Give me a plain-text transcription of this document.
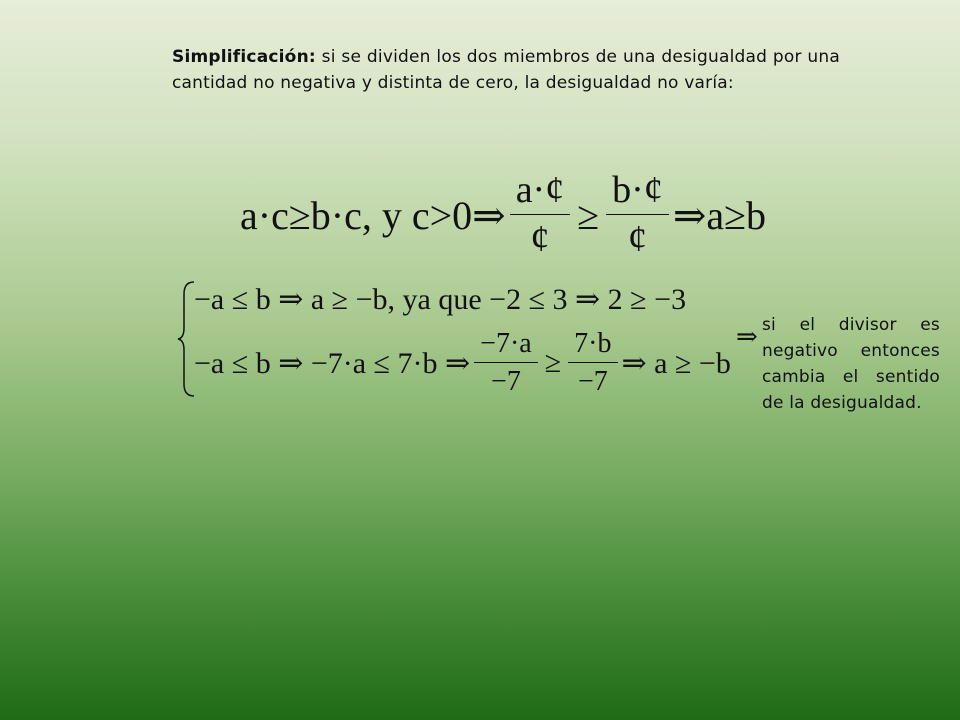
Simplificación: si se dividen los dos miembros de una desigualdad por una cantidad no negativa y distinta de cero, la desigualdad no varía:

a·c≥b·c, y c>0⇒ $\frac{a\cdot¢}{¢} \ge \frac{b\cdot¢}{¢}$ ⇒a≥b
−a ≤ b ⇒ a ≥ −b, ya que −2 ≤ 3 ⇒ 2 ≥ −3
−a ≤ b ⇒ −7·a ≤ 7·b ⇒ $\frac{-7\cdot a}{-7} \ge \frac{7\cdot b}{-7}$ ⇒ a ≥ −b
⇒ si el divisor es negativo entonces cambia el sentido de la desigualdad.
